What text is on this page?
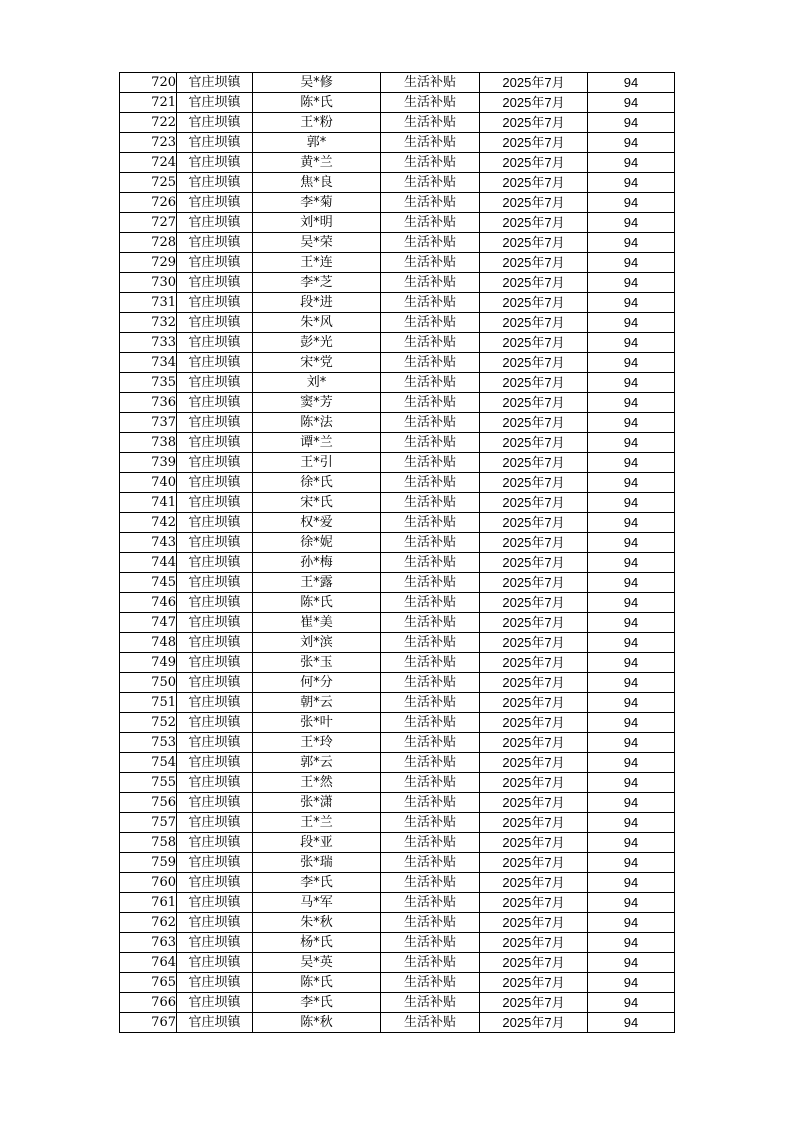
720	官庄坝镇	吴*修	生活补贴	2025年7月	94
721	官庄坝镇	陈*氏	生活补贴	2025年7月	94
722	官庄坝镇	王*粉	生活补贴	2025年7月	94
723	官庄坝镇	郭*	生活补贴	2025年7月	94
724	官庄坝镇	黄*兰	生活补贴	2025年7月	94
725	官庄坝镇	焦*良	生活补贴	2025年7月	94
726	官庄坝镇	李*菊	生活补贴	2025年7月	94
727	官庄坝镇	刘*明	生活补贴	2025年7月	94
728	官庄坝镇	吴*荣	生活补贴	2025年7月	94
729	官庄坝镇	王*连	生活补贴	2025年7月	94
730	官庄坝镇	李*芝	生活补贴	2025年7月	94
731	官庄坝镇	段*进	生活补贴	2025年7月	94
732	官庄坝镇	朱*风	生活补贴	2025年7月	94
733	官庄坝镇	彭*光	生活补贴	2025年7月	94
734	官庄坝镇	宋*党	生活补贴	2025年7月	94
735	官庄坝镇	刘*	生活补贴	2025年7月	94
736	官庄坝镇	窦*芳	生活补贴	2025年7月	94
737	官庄坝镇	陈*法	生活补贴	2025年7月	94
738	官庄坝镇	谭*兰	生活补贴	2025年7月	94
739	官庄坝镇	王*引	生活补贴	2025年7月	94
740	官庄坝镇	徐*氏	生活补贴	2025年7月	94
741	官庄坝镇	宋*氏	生活补贴	2025年7月	94
742	官庄坝镇	权*爱	生活补贴	2025年7月	94
743	官庄坝镇	徐*妮	生活补贴	2025年7月	94
744	官庄坝镇	孙*梅	生活补贴	2025年7月	94
745	官庄坝镇	王*露	生活补贴	2025年7月	94
746	官庄坝镇	陈*氏	生活补贴	2025年7月	94
747	官庄坝镇	崔*美	生活补贴	2025年7月	94
748	官庄坝镇	刘*滨	生活补贴	2025年7月	94
749	官庄坝镇	张*玉	生活补贴	2025年7月	94
750	官庄坝镇	何*分	生活补贴	2025年7月	94
751	官庄坝镇	朝*云	生活补贴	2025年7月	94
752	官庄坝镇	张*叶	生活补贴	2025年7月	94
753	官庄坝镇	王*玲	生活补贴	2025年7月	94
754	官庄坝镇	郭*云	生活补贴	2025年7月	94
755	官庄坝镇	王*然	生活补贴	2025年7月	94
756	官庄坝镇	张*潇	生活补贴	2025年7月	94
757	官庄坝镇	王*兰	生活补贴	2025年7月	94
758	官庄坝镇	段*亚	生活补贴	2025年7月	94
759	官庄坝镇	张*瑞	生活补贴	2025年7月	94
760	官庄坝镇	李*氏	生活补贴	2025年7月	94
761	官庄坝镇	马*军	生活补贴	2025年7月	94
762	官庄坝镇	朱*秋	生活补贴	2025年7月	94
763	官庄坝镇	杨*氏	生活补贴	2025年7月	94
764	官庄坝镇	吴*英	生活补贴	2025年7月	94
765	官庄坝镇	陈*氏	生活补贴	2025年7月	94
766	官庄坝镇	李*氏	生活补贴	2025年7月	94
767	官庄坝镇	陈*秋	生活补贴	2025年7月	94
